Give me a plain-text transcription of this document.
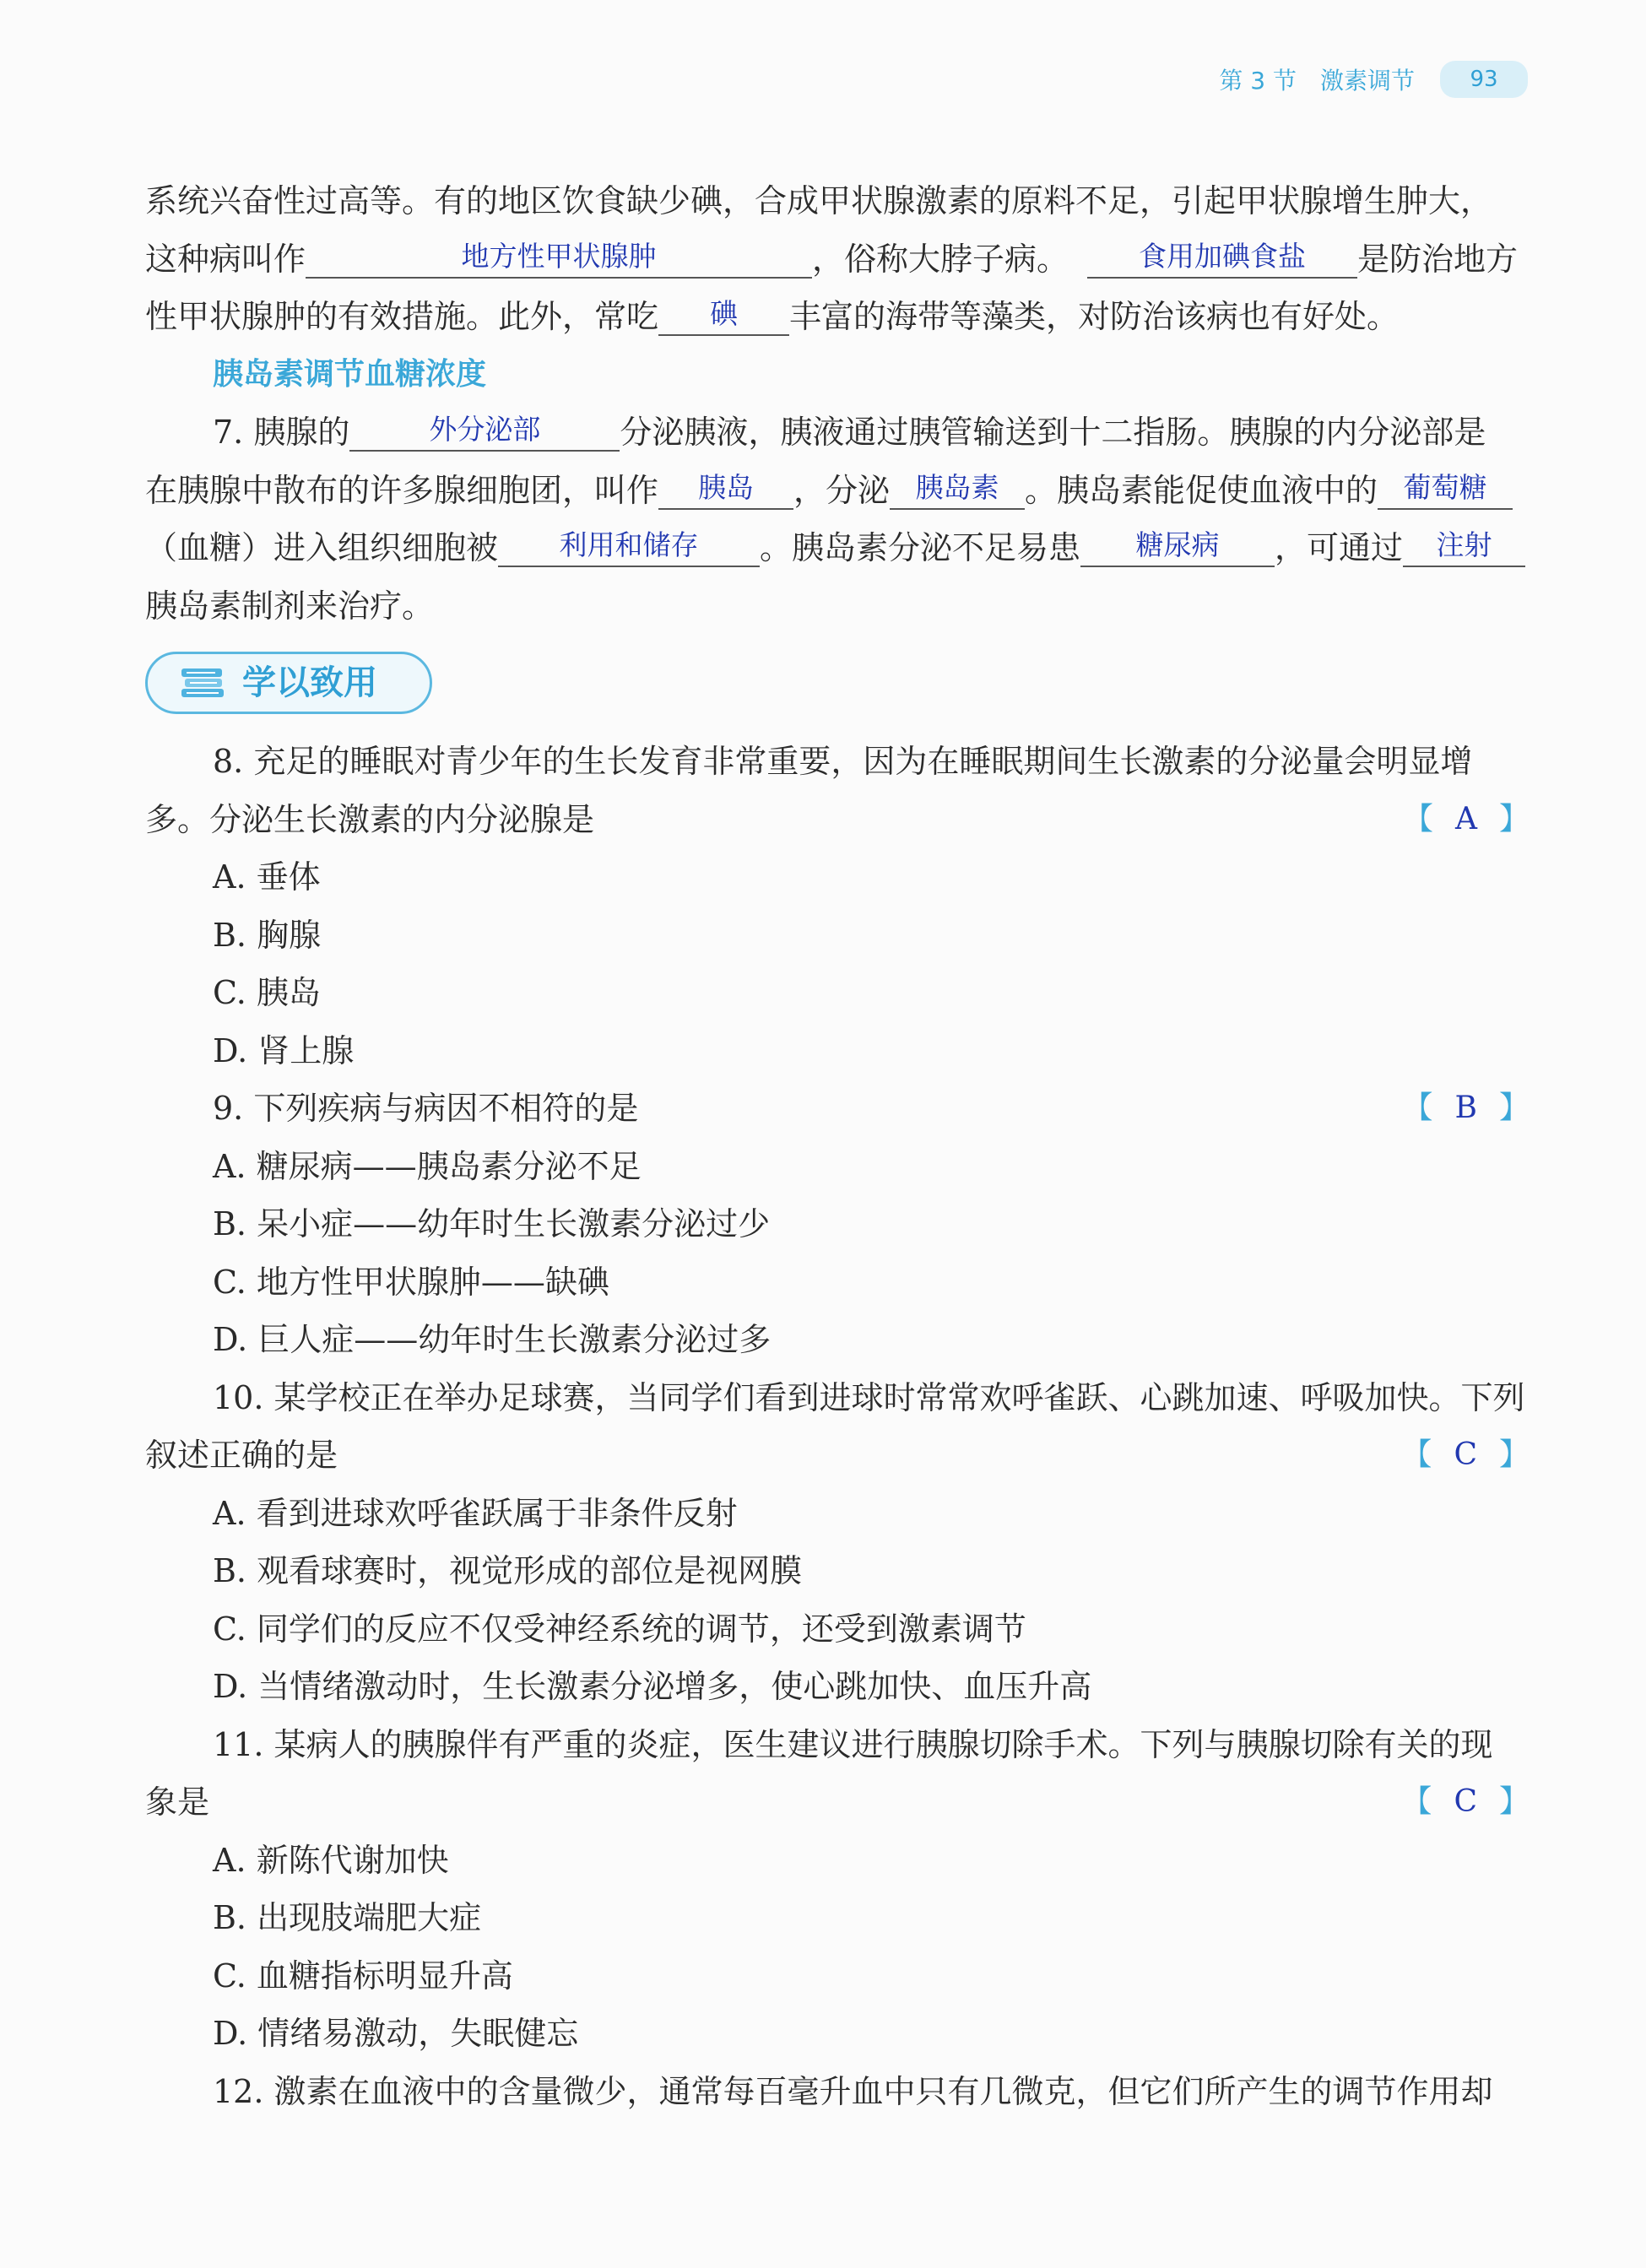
第 3 节 激素调节	93

系统兴奋性过高等。有的地区饮食缺少碘，合成甲状腺激素的原料不足，引起甲状腺增生肿大，

这种病叫作	地方性甲状腺肿	，俗称大脖子病。	食用加碘食盐	是防治地方

性甲状腺肿的有效措施。此外，常吃	碘	丰富的海带等藻类，对防治该病也有好处。

胰岛素调节血糖浓度

7. 胰腺的	外分泌部	分泌胰液，胰液通过胰管输送到十二指肠。胰腺的内分泌部是

在胰腺中散布的许多腺细胞团，叫作	胰岛	，分泌 胰岛素 。胰岛素能促使血液中的 葡萄糖

（血糖）进入组织细胞被	利用和储存	。胰岛素分泌不足易患	糖尿病	，可通过	注射

胰岛素制剂来治疗。

学以致用

8. 充足的睡眠对青少年的生长发育非常重要，因为在睡眠期间生长激素的分泌量会明显增

多。分泌生长激素的内分泌腺是	【 A 】

A. 垂体

B. 胸腺

C. 胰岛

D. 肾上腺

9. 下列疾病与病因不相符的是	【 B 】

A. 糖尿病——胰岛素分泌不足

B. 呆小症——幼年时生长激素分泌过少

C. 地方性甲状腺肿——缺碘

D. 巨人症——幼年时生长激素分泌过多

10. 某学校正在举办足球赛，当同学们看到进球时常常欢呼雀跃、心跳加速、呼吸加快。下列

叙述正确的是	【 C 】

A. 看到进球欢呼雀跃属于非条件反射

B. 观看球赛时，视觉形成的部位是视网膜

C. 同学们的反应不仅受神经系统的调节，还受到激素调节

D. 当情绪激动时，生长激素分泌增多，使心跳加快、血压升高

11. 某病人的胰腺伴有严重的炎症，医生建议进行胰腺切除手术。下列与胰腺切除有关的现

象是	【 C 】

A. 新陈代谢加快

B. 出现肢端肥大症

C. 血糖指标明显升高

D. 情绪易激动，失眠健忘

12. 激素在血液中的含量微少，通常每百毫升血中只有几微克，但它们所产生的调节作用却
